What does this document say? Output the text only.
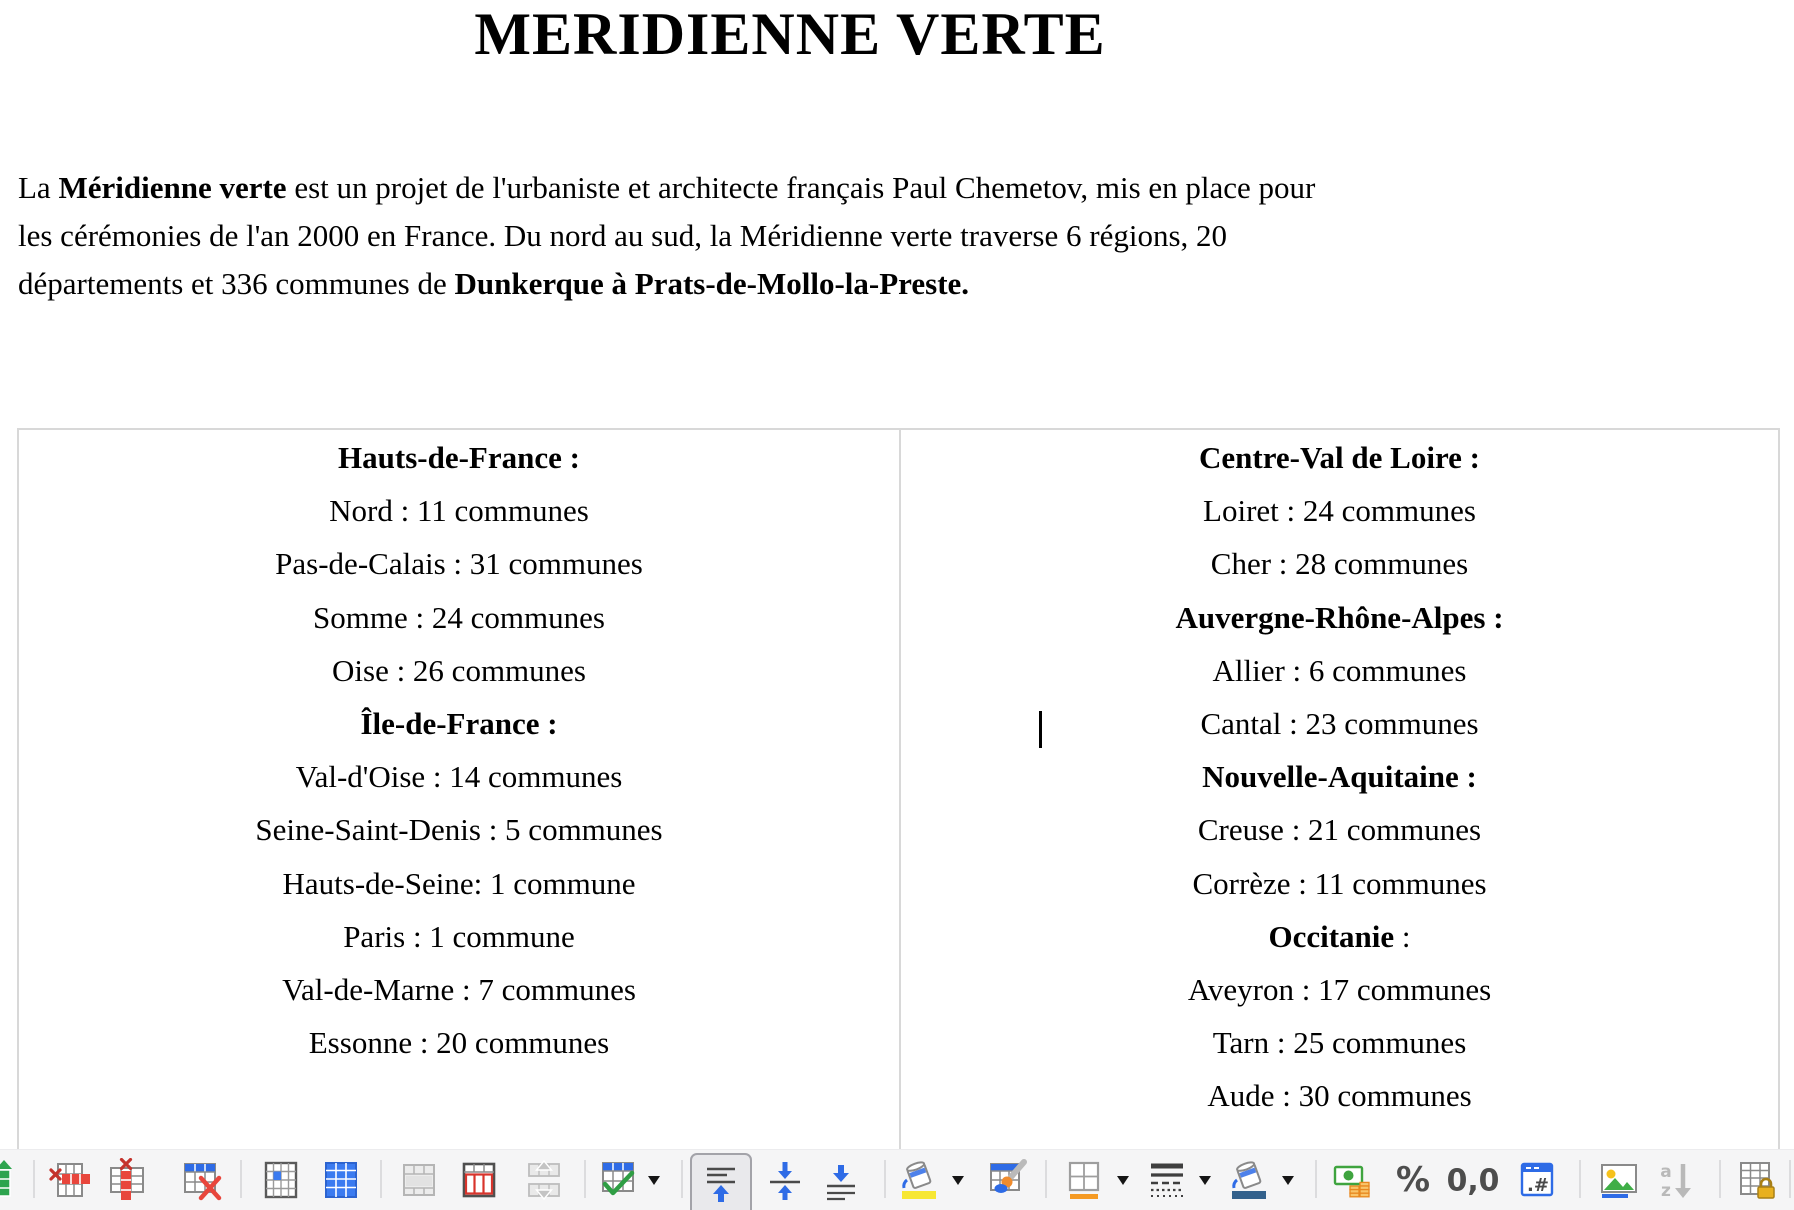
MERIDIENNE VERTE
La Méridienne verte est un projet de l'urbaniste et architecte français Paul Chemetov, mis en place pour
les cérémonies de l'an 2000 en France. Du nord au sud, la Méridienne verte traverse 6 régions, 20
départements et 336 communes de Dunkerque à Prats-de-Mollo-la-Preste.
Hauts-de-France :
Nord : 11 communes
Pas-de-Calais : 31 communes
Somme : 24 communes
Oise : 26 communes
Île-de-France :
Val-d'Oise : 14 communes
Seine-Saint-Denis : 5 communes
Hauts-de-Seine: 1 commune
Paris : 1 commune
Val-de-Marne : 7 communes
Essonne : 20 communes
Centre-Val de Loire :
Loiret : 24 communes
Cher : 28 communes
Auvergne-Rhône-Alpes :
Allier : 6 communes
Cantal : 23 communes
Nouvelle-Aquitaine :
Creuse : 21 communes
Corrèze : 11 communes
Occitanie :
Aveyron : 17 communes
Tarn : 25 communes
Aude : 30 communes
% 0,0 .#
a
z
